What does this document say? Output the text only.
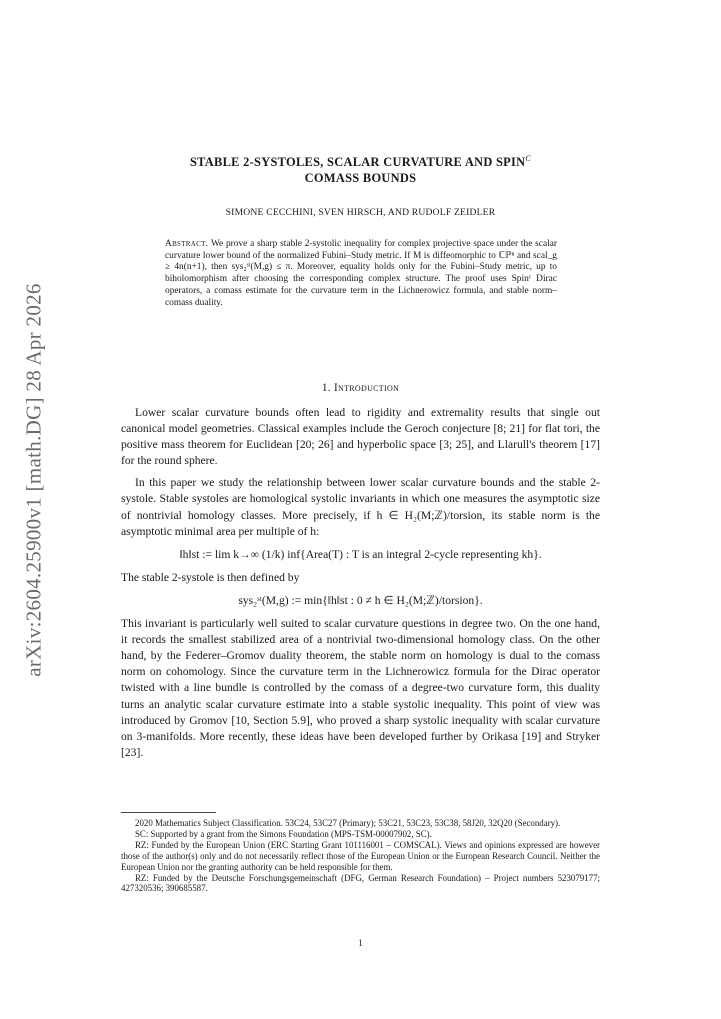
arXiv:2604.25900v1 [math.DG] 28 Apr 2026
STABLE 2-SYSTOLES, SCALAR CURVATURE AND $SPIN^C$
COMASS BOUNDS
SIMONE CECCHINI, SVEN HIRSCH, AND RUDOLF ZEIDLER
Abstract. We prove a sharp stable 2-systolic inequality for complex projective space under the scalar curvature lower bound of the normalized Fubini–Study metric. If M is diffeomorphic to ℂℙⁿ and scal_g ≥ 4n(n+1), then sys₂ˢᵗ(M,g) ≤ π. Moreover, equality holds only for the Fubini–Study metric, up to biholomorphism after choosing the corresponding complex structure. The proof uses Spinᶜ Dirac operators, a comass estimate for the curvature term in the Lichnerowicz formula, and stable norm–comass duality.
1. Introduction

Lower scalar curvature bounds often lead to rigidity and extremality results that single out canonical model geometries. Classical examples include the Geroch conjecture [8; 21] for flat tori, the positive mass theorem for Euclidean [20; 26] and hyperbolic space [3; 25], and Llarull's theorem [17] for the round sphere.

In this paper we study the relationship between lower scalar curvature bounds and the stable 2-systole. Stable systoles are homological systolic invariants in which one measures the asymptotic size of nontrivial homology classes. More precisely, if h ∈ H₂(M;ℤ)/torsion, its stable norm is the asymptotic minimal area per multiple of h:

‖h‖st := lim k→∞ (1/k) inf{Area(T) : T is an integral 2-cycle representing kh}.

The stable 2-systole is then defined by

sys₂ˢᵗ(M,g) := min{‖h‖st : 0 ≠ h ∈ H₂(M;ℤ)/torsion}.

This invariant is particularly well suited to scalar curvature questions in degree two. On the one hand, it records the smallest stabilized area of a nontrivial two-dimensional homology class. On the other hand, by the Federer–Gromov duality theorem, the stable norm on homology is dual to the comass norm on cohomology. Since the curvature term in the Lichnerowicz formula for the Dirac operator twisted with a line bundle is controlled by the comass of a degree-two curvature form, this duality turns an analytic scalar curvature estimate into a stable systolic inequality. This point of view was introduced by Gromov [10, Section 5.9], who proved a sharp systolic inequality with scalar curvature on 3-manifolds. More recently, these ideas have been developed further by Orikasa [19] and Stryker [23].

2020 Mathematics Subject Classification. 53C24, 53C27 (Primary); 53C21, 53C23, 53C38, 58J20, 32Q20 (Secondary).

SC: Supported by a grant from the Simons Foundation (MPS-TSM-00007902, SC).

RZ: Funded by the European Union (ERC Starting Grant 101116001 – COMSCAL). Views and opinions expressed are however those of the author(s) only and do not necessarily reflect those of the European Union or the European Research Council. Neither the European Union nor the granting authority can be held responsible for them.

RZ: Funded by the Deutsche Forschungsgemeinschaft (DFG, German Research Foundation) – Project numbers 523079177; 427320536; 390685587.

1
